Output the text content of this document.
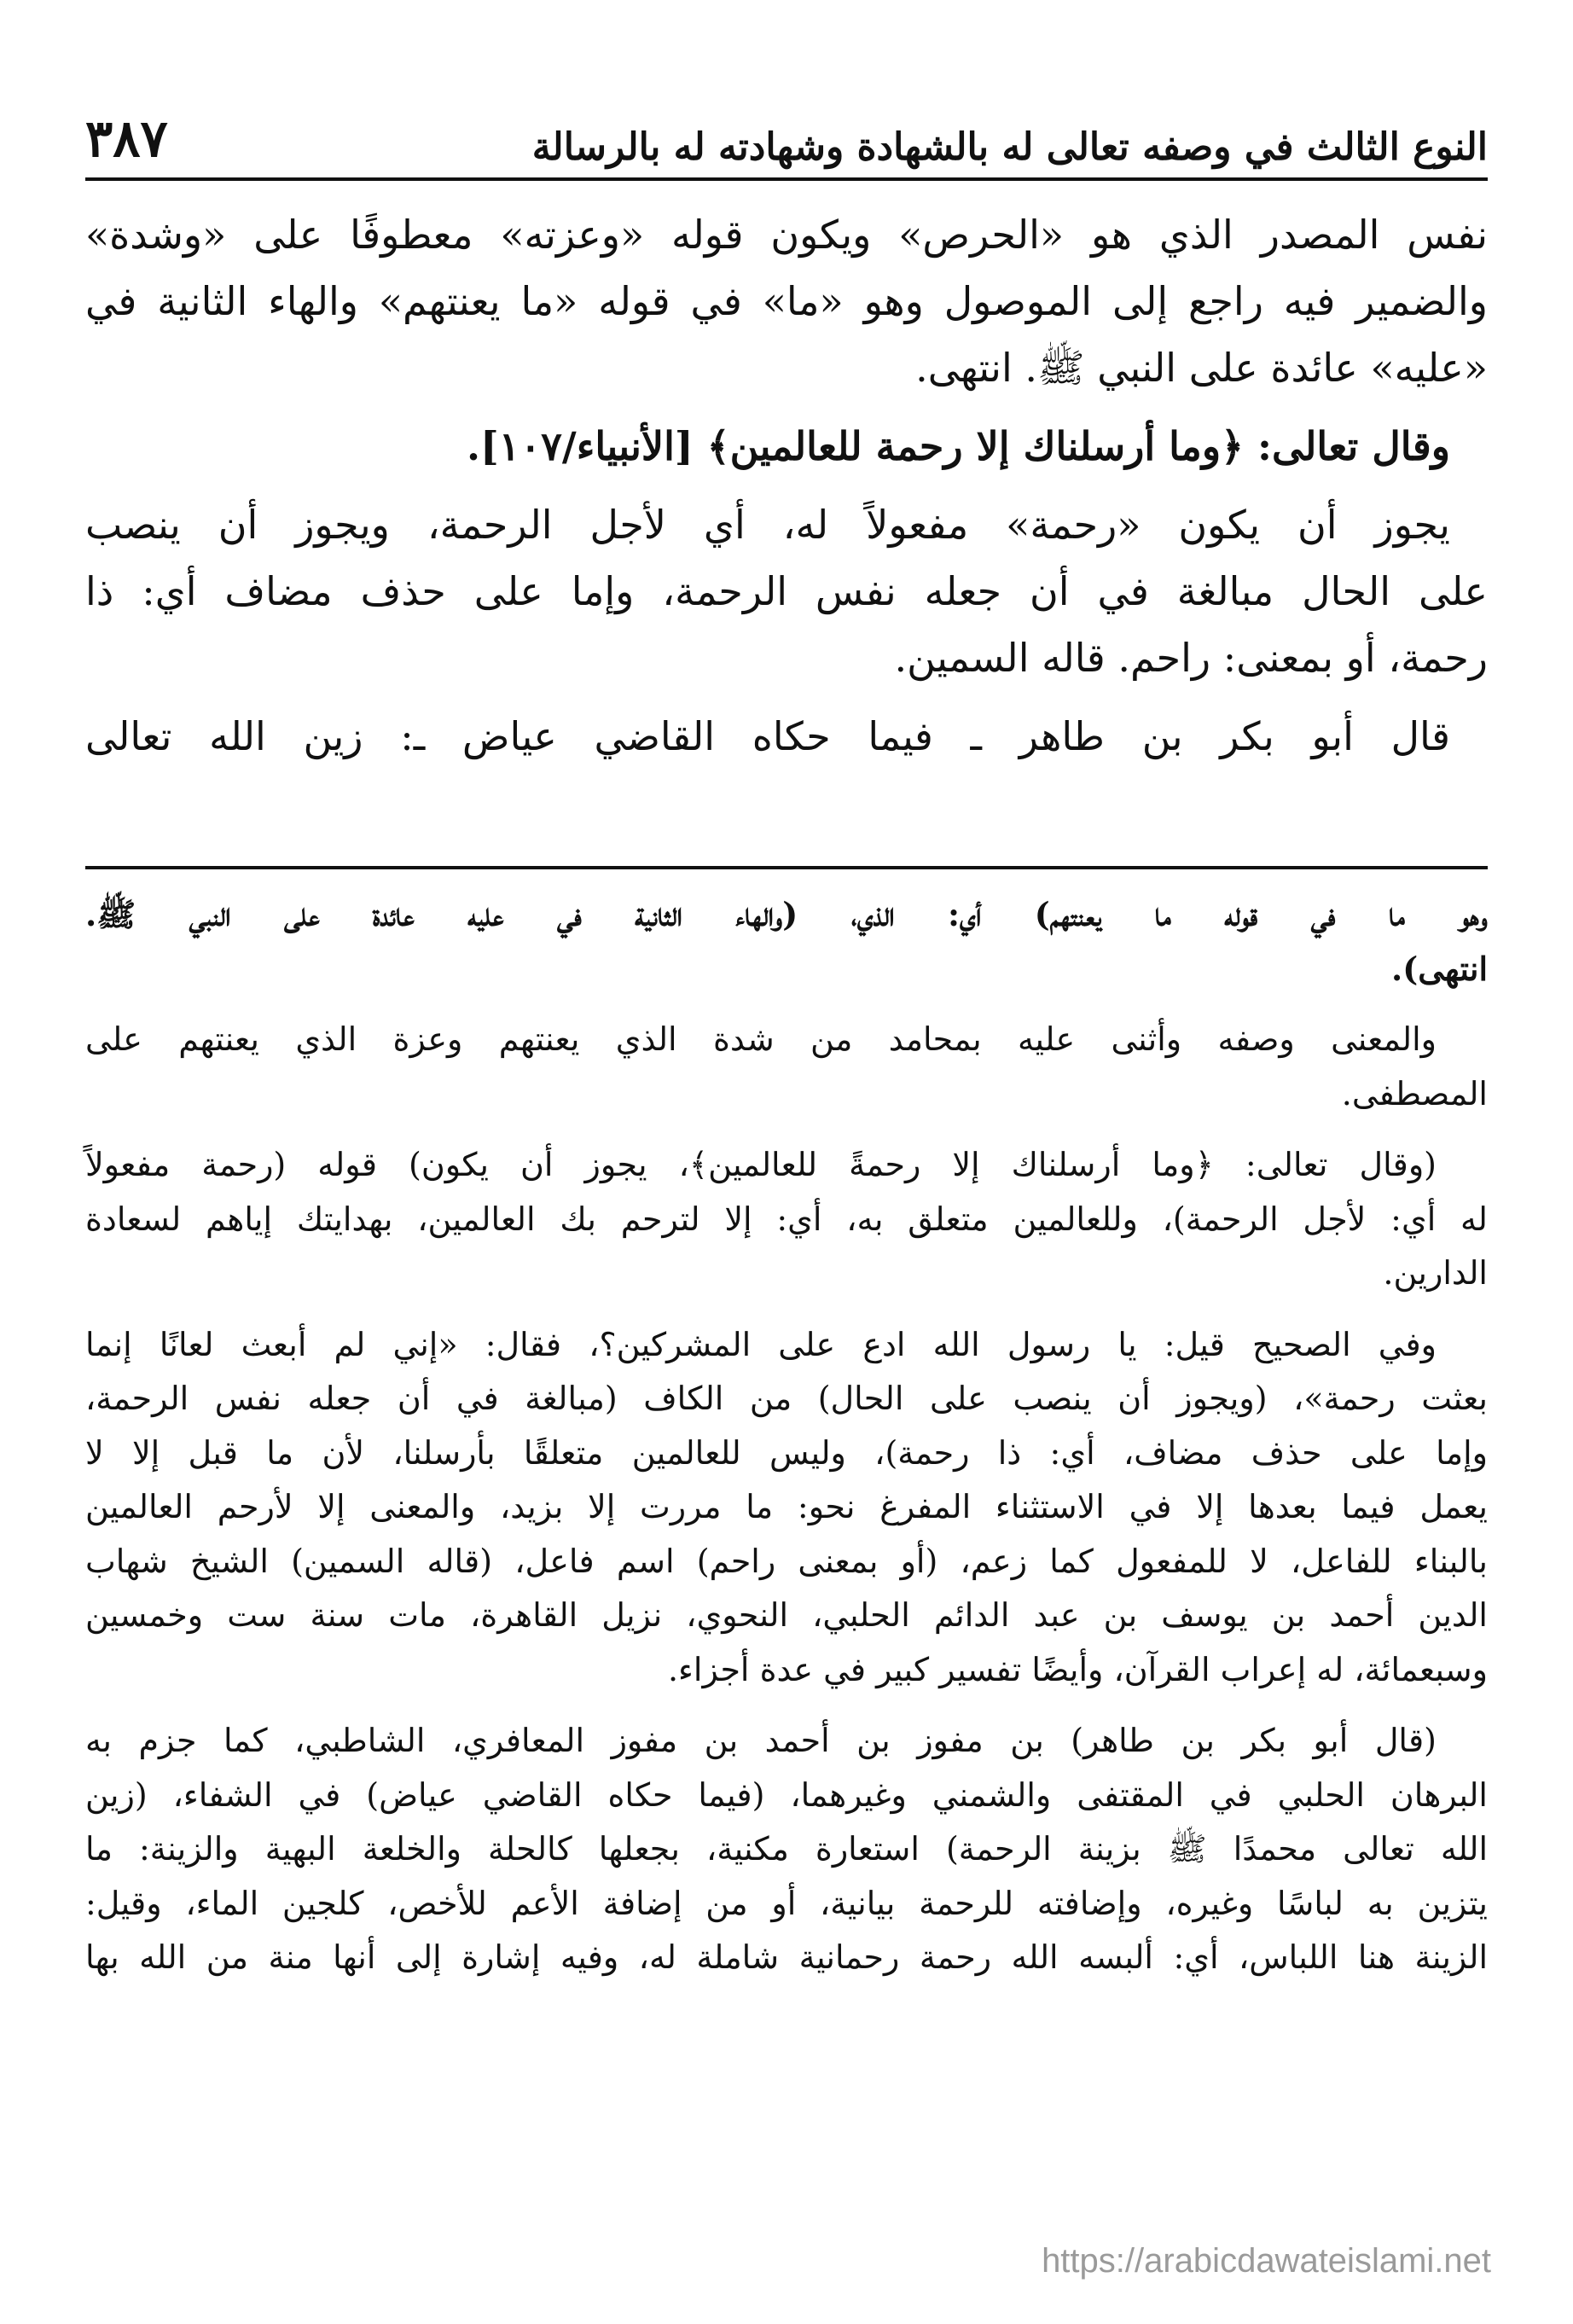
النوع الثالث في وصفه تعالى له بالشهادة وشهادته له بالرسالة
٣٨٧

نفس المصدر الذي هو «الحرص» ويكون قوله «وعزته» معطوفًا على «وشدة»

والضمير فيه راجع إلى الموصول وهو «ما» في قوله «ما يعنتهم» والهاء الثانية في

«عليه» عائدة على النبي ﷺ. انتهى.

وقال تعالى: ﴿وما أرسلناك إلا رحمة للعالمين﴾ [الأنبياء/١٠٧].

يجوز أن يكون «رحمة» مفعولاً له، أي لأجل الرحمة، ويجوز أن ينصب

على الحال مبالغة في أن جعله نفس الرحمة، وإما على حذف مضاف أي: ذا

رحمة، أو بمعنى: راحم. قاله السمين.

قال أبو بكر بن طاهر ـ فيما حكاه القاضي عياض ـ: زين الله تعالى

وهو ما في قوله ما يعنتهم) أي: الذي، (والهاء الثانية في عليه عائدة على النبي ﷺ.

انتهى).

والمعنى وصفه وأثنى عليه بمحامد من شدة الذي يعنتهم وعزة الذي يعنتهم على

المصطفى.

(وقال تعالى: ﴿وما أرسلناك إلا رحمةً للعالمين﴾، يجوز أن يكون) قوله (رحمة مفعولاً

له أي: لأجل الرحمة)، وللعالمين متعلق به، أي: إلا لترحم بك العالمين، بهدايتك إياهم لسعادة

الدارين.

وفي الصحيح قيل: يا رسول الله ادع على المشركين؟، فقال: «إني لم أبعث لعانًا إنما

بعثت رحمة»، (ويجوز أن ينصب على الحال) من الكاف (مبالغة في أن جعله نفس الرحمة،

وإما على حذف مضاف، أي: ذا رحمة)، وليس للعالمين متعلقًا بأرسلنا، لأن ما قبل إلا لا

يعمل فيما بعدها إلا في الاستثناء المفرغ نحو: ما مررت إلا بزيد، والمعنى إلا لأرحم العالمين

بالبناء للفاعل، لا للمفعول كما زعم، (أو بمعنى راحم) اسم فاعل، (قاله السمين) الشيخ شهاب

الدين أحمد بن يوسف بن عبد الدائم الحلبي، النحوي، نزيل القاهرة، مات سنة ست وخمسين

وسبعمائة، له إعراب القرآن، وأيضًا تفسير كبير في عدة أجزاء.

(قال أبو بكر بن طاهر) بن مفوز بن أحمد بن مفوز المعافري، الشاطبي، كما جزم به

البرهان الحلبي في المقتفى والشمني وغيرهما، (فيما حكاه القاضي عياض) في الشفاء، (زين

الله تعالى محمدًا ﷺ بزينة الرحمة) استعارة مكنية، بجعلها كالحلة والخلعة البهية والزينة: ما

يتزين به لباسًا وغيره، وإضافته للرحمة بيانية، أو من إضافة الأعم للأخص، كلجين الماء، وقيل:

الزينة هنا اللباس، أي: ألبسه الله رحمة رحمانية شاملة له، وفيه إشارة إلى أنها منة من الله بها

https://arabicdawateislami.net
